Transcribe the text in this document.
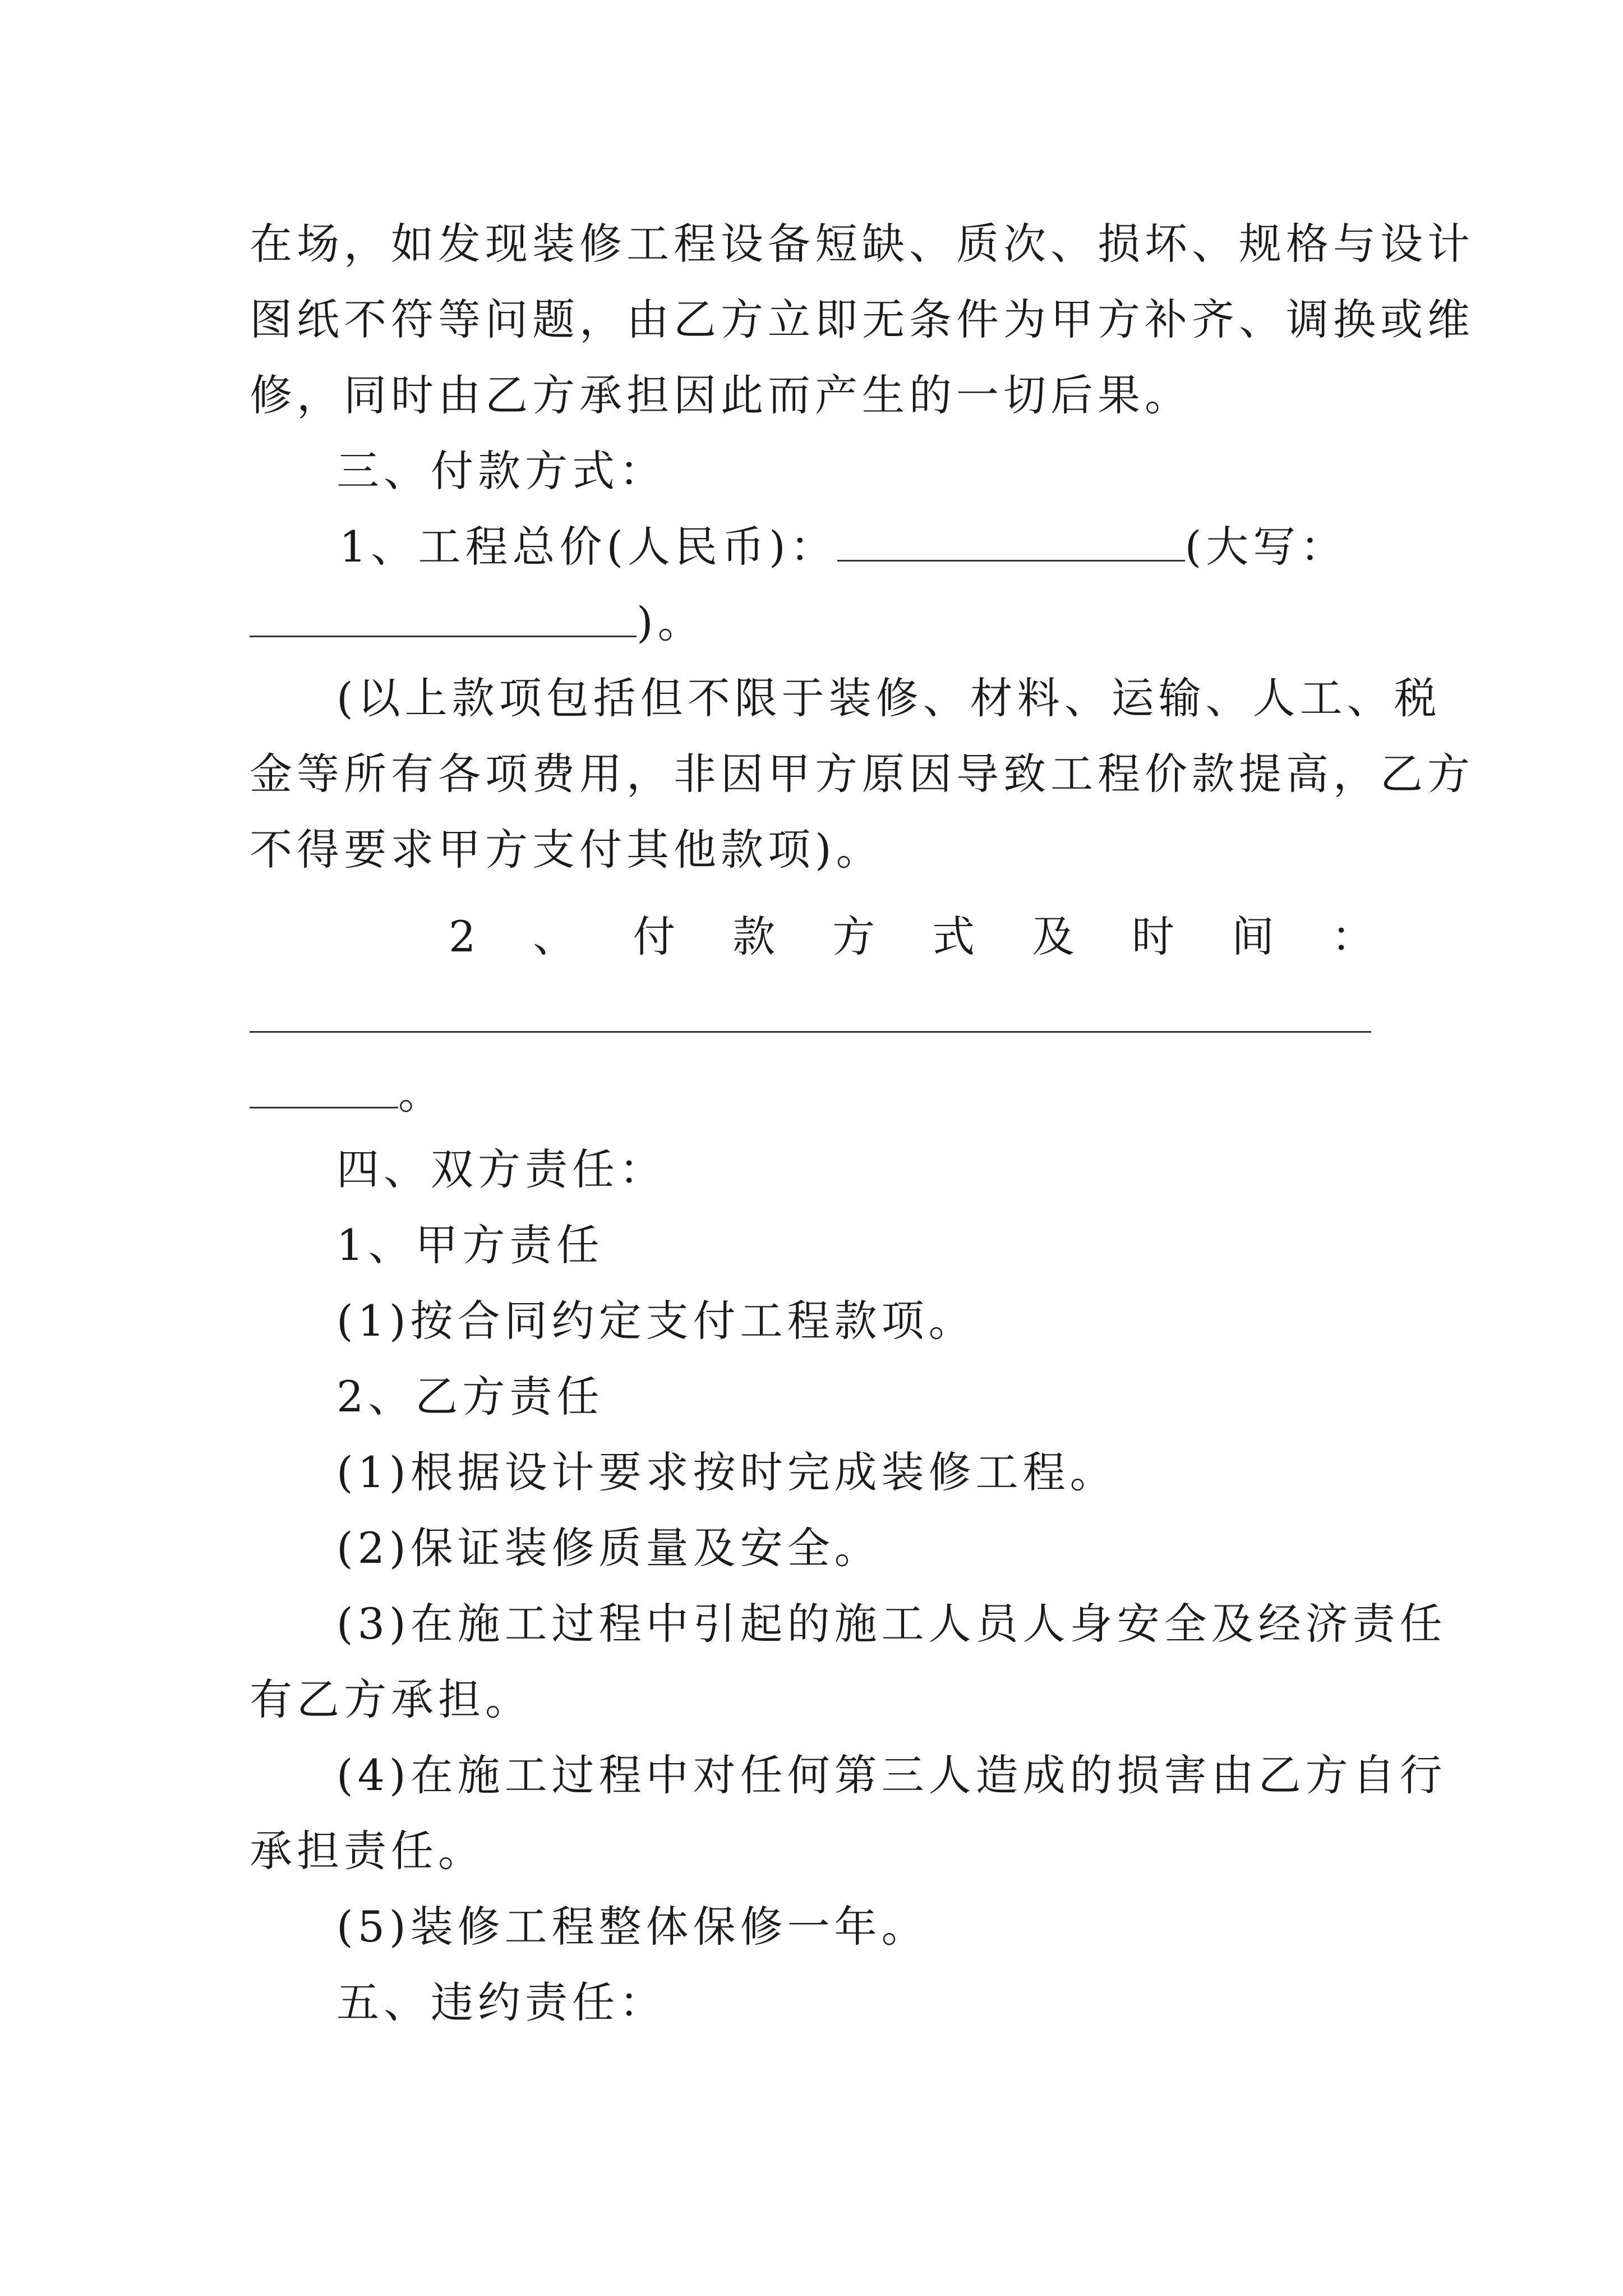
在场，如发现装修工程设备短缺、质次、损坏、规格与设计
图纸不符等问题，由乙方立即无条件为甲方补齐、调换或维
修，同时由乙方承担因此而产生的一切后果。
三、付款方式：
1、工程总价(人民币)：	(大写：
)。
(以上款项包括但不限于装修、材料、运输、人工、税
金等所有各项费用，非因甲方原因导致工程价款提高，乙方
不得要求甲方支付其他款项)。
2 、 付 款 方 式 及 时 间 ：
。
四、双方责任：
1、甲方责任
(1)按合同约定支付工程款项。
2、乙方责任
(1)根据设计要求按时完成装修工程。
(2)保证装修质量及安全。
(3)在施工过程中引起的施工人员人身安全及经济责任
有乙方承担。
(4)在施工过程中对任何第三人造成的损害由乙方自行
承担责任。
(5)装修工程整体保修一年。
五、违约责任：
